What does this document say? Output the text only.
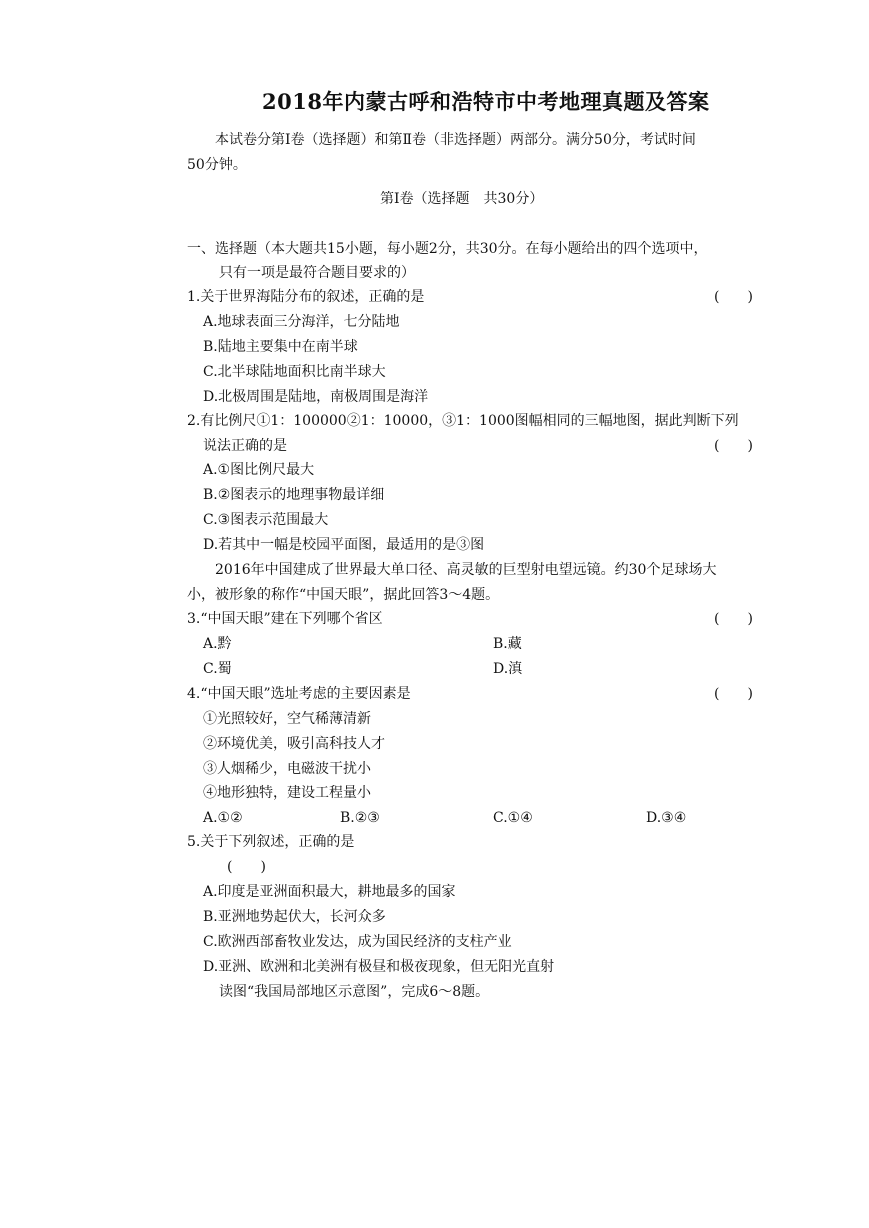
2018年内蒙古呼和浩特市中考地理真题及答案
本试卷分第Ⅰ卷（选择题）和第Ⅱ卷（非选择题）两部分。满分50分，考试时间
50分钟。
第Ⅰ卷（选择题　共30分）
一、选择题（本大题共15小题，每小题2分，共30分。在每小题给出的四个选项中，
只有一项是最符合题目要求的）
1.关于世界海陆分布的叙述，正确的是	(　　)
A.地球表面三分海洋，七分陆地
B.陆地主要集中在南半球
C.北半球陆地面积比南半球大
D.北极周围是陆地，南极周围是海洋
2.有比例尺①1：100000②1：10000，③1：1000图幅相同的三幅地图，据此判断下列
说法正确的是	(　　)
A.①图比例尺最大
B.②图表示的地理事物最详细
C.③图表示范围最大
D.若其中一幅是校园平面图，最适用的是③图
2016年中国建成了世界最大单口径、高灵敏的巨型射电望远镜。约30个足球场大
小，被形象的称作“中国天眼”，据此回答3～4题。
3.“中国天眼”建在下列哪个省区	(　　)
A.黔	B.藏
C.蜀	D.滇
4.“中国天眼”选址考虑的主要因素是	(　　)
①光照较好，空气稀薄清新
②环境优美，吸引高科技人才
③人烟稀少，电磁波干扰小
④地形独特，建设工程量小
A.①②	B.②③	C.①④	D.③④
5.关于下列叙述，正确的是
(　　)
A.印度是亚洲面积最大，耕地最多的国家
B.亚洲地势起伏大，长河众多
C.欧洲西部畜牧业发达，成为国民经济的支柱产业
D.亚洲、欧洲和北美洲有极昼和极夜现象，但无阳光直射
读图“我国局部地区示意图”，完成6～8题。
